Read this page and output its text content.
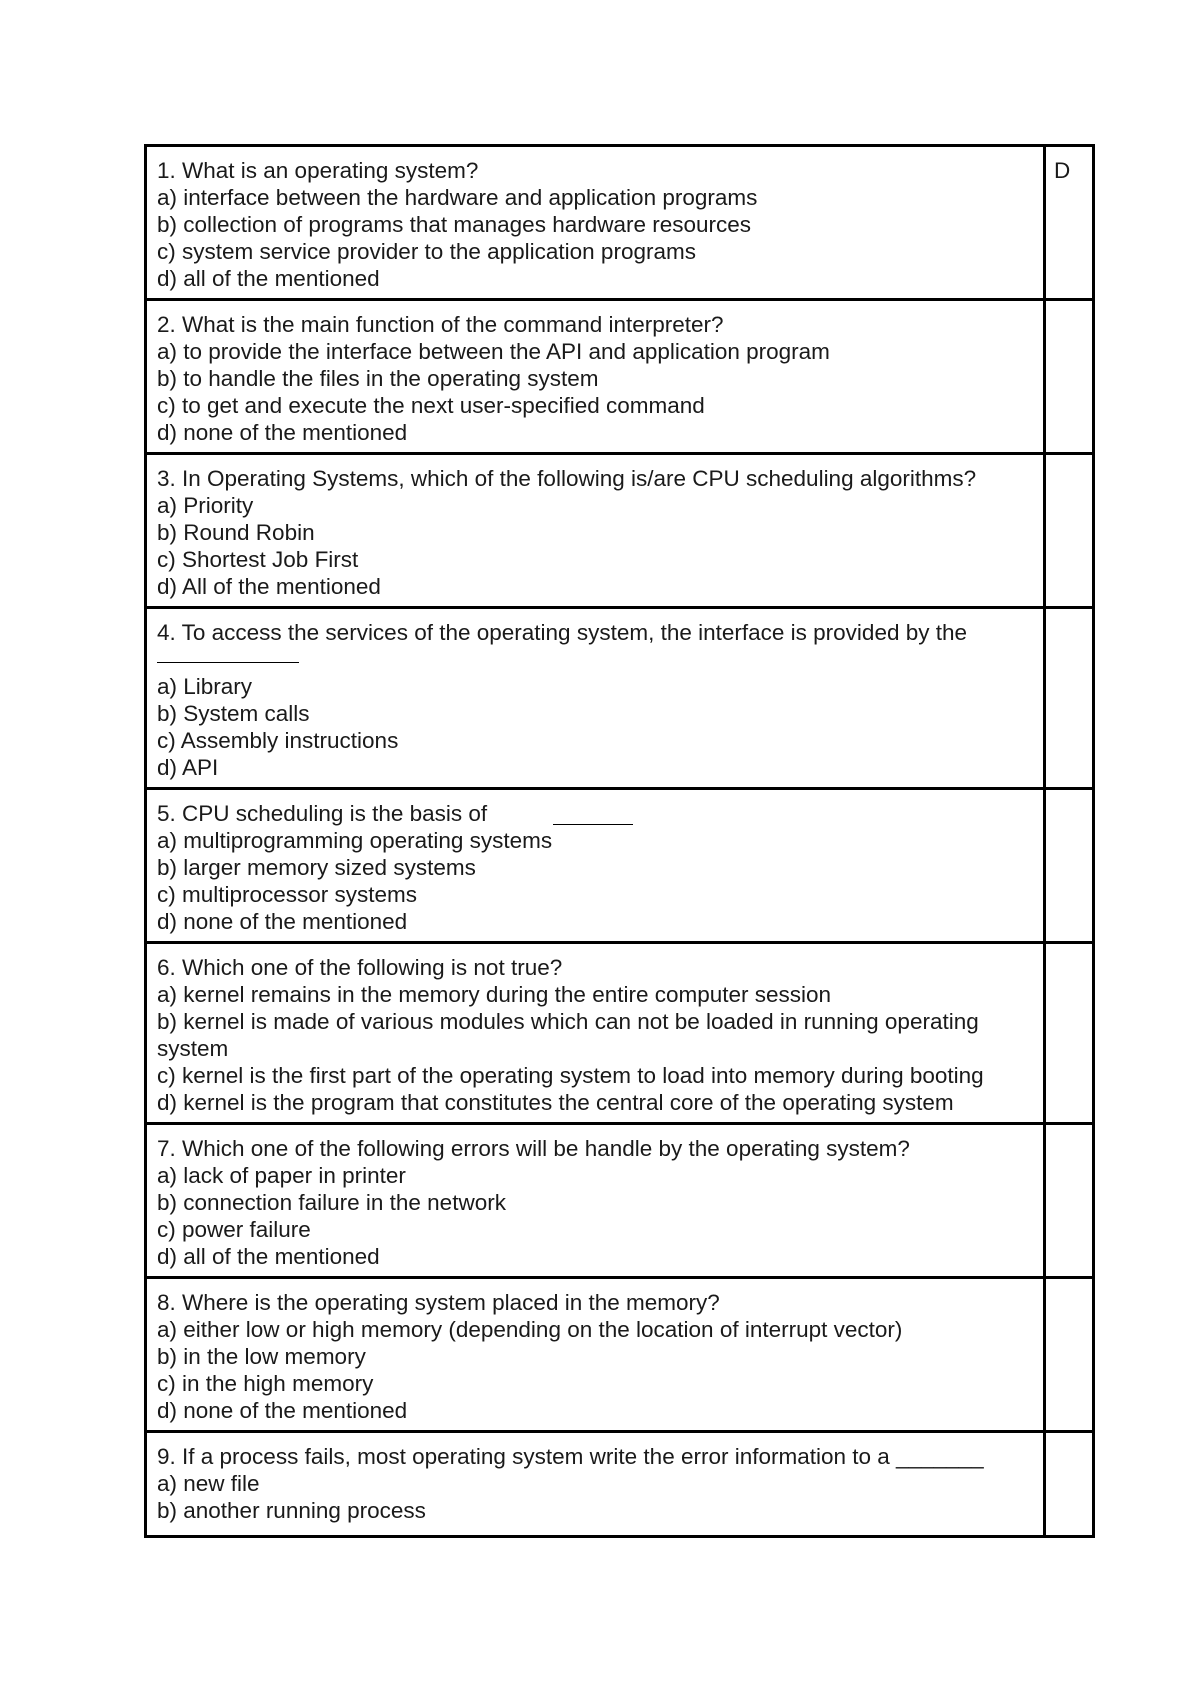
1. What is an operating system?
a) interface between the hardware and application programs
b) collection of programs that manages hardware resources
c) system service provider to the application programs
d) all of the mentioned	D

2. What is the main function of the command interpreter?
a) to provide the interface between the API and application program
b) to handle the files in the operating system
c) to get and execute the next user-specified command
d) none of the mentioned	

3. In Operating Systems, which of the following is/are CPU scheduling algorithms?
a) Priority
b) Round Robin
c) Shortest Job First
d) All of the mentioned	

4. To access the services of the operating system, the interface is provided by the
a) Library
b) System calls
c) Assembly instructions
d) API	

5. CPU scheduling is the basis of
a) multiprogramming operating systems
b) larger memory sized systems
c) multiprocessor systems
d) none of the mentioned	

6. Which one of the following is not true?
a) kernel remains in the memory during the entire computer session
b) kernel is made of various modules which can not be loaded in running operating system
c) kernel is the first part of the operating system to load into memory during booting
d) kernel is the program that constitutes the central core of the operating system	

7. Which one of the following errors will be handle by the operating system?
a) lack of paper in printer
b) connection failure in the network
c) power failure
d) all of the mentioned	

8. Where is the operating system placed in the memory?
a) either low or high memory (depending on the location of interrupt vector)
b) in the low memory
c) in the high memory
d) none of the mentioned	

9. If a process fails, most operating system write the error information to a _______
a) new file
b) another running process	
